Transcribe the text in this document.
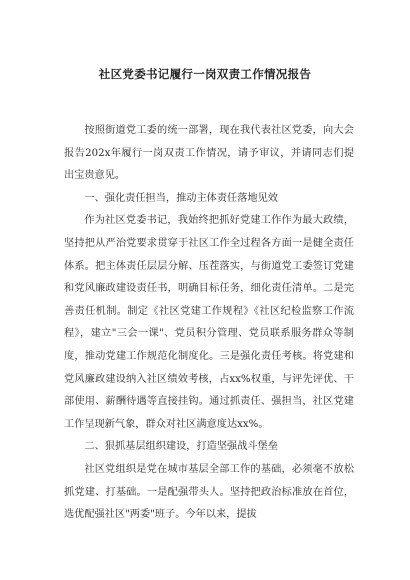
社区党委书记履行一岗双责工作情况报告

按照街道党工委的统一部署，现在我代表社区党委，向大会报告202x年履行一岗双责工作情况，请予审议，并请同志们提出宝贵意见。

一、强化责任担当，推动主体责任落地见效

作为社区党委书记，我始终把抓好党建工作作为最大政绩，坚持把从严治党要求贯穿于社区工作全过程各方面一是健全责任体系。把主体责任层层分解、压茬落实，与街道党工委签订党建和党风廉政建设责任书，明确目标任务，细化责任清单。二是完善责任机制。制定《社区党建工作规程》《社区纪检监察工作流程》，建立"三会一课"、党员积分管理、党员联系服务群众等制度，推动党建工作规范化制度化。三是强化责任考核。将党建和党风廉政建设纳入社区绩效考核，占xx%权重，与评先评优、干部使用、薪酬待遇等直接挂钩。通过抓责任、强担当，社区党建工作呈现新气象，群众对社区满意度达xx%。

二、狠抓基层组织建设，打造坚强战斗堡垒

社区党组织是党在城市基层全部工作的基础，必须毫不放松抓党建、打基础。一是配强带头人。坚持把政治标准放在首位，选优配强社区"两委"班子。今年以来，提拔
